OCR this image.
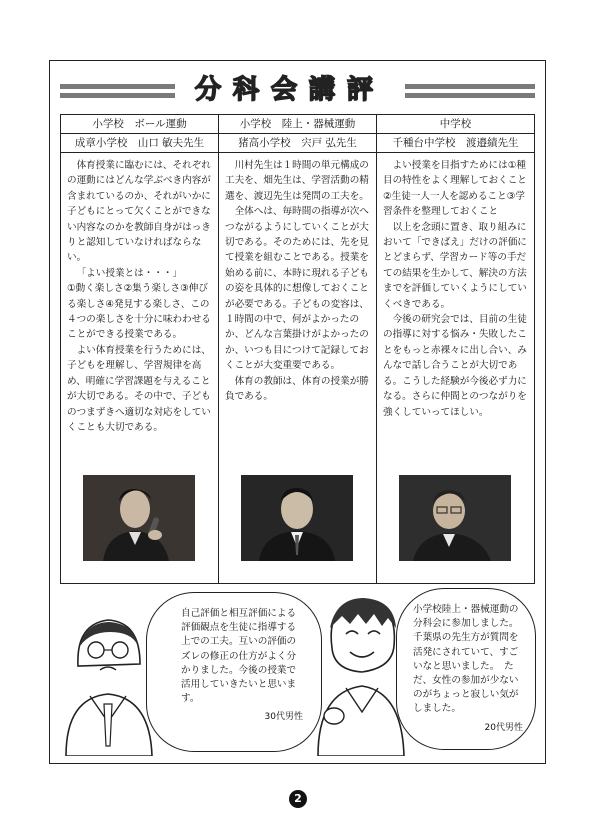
分科会講評
小学校　ボール運動
成章小学校　山口 敏夫先生

体育授業に臨むには、それぞれの運動にはどんな学ぶべき内容が含まれているのか、それがいかに子どもにとって欠くことができない内容なのかを教師自身がはっきりと認知していなければならない。

「よい授業とは・・・」

①動く楽しさ②集う楽しさ③伸びる楽しさ④発見する楽しさ、この４つの楽しさを十分に味わわせることができる授業である。

よい体育授業を行うためには、子どもを理解し、学習規律を高め、明確に学習課題を与えることが大切である。その中で、子どものつまずきへ適切な対応をしていくことも大切である。

小学校　陸上・器械運動
猪高小学校　宍戸 弘先生

川村先生は１時間の単元構成の工夫を、畑先生は、学習活動の精選を、渡辺先生は発問の工夫を。

全体へは、毎時間の指導が次へつながるようにしていくことが大切である。そのためには、先を見て授業を組むことである。授業を始める前に、本時に現れる子どもの姿を具体的に想像しておくことが必要である。子どもの変容は、１時間の中で、何がよかったのか、どんな言葉掛けがよかったのか、いつも目につけて記録しておくことが大変重要である。

体育の教師は、体育の授業が勝負である。

中学校
千種台中学校　渡邉績先生

よい授業を目指すためには①種目の特性をよく理解しておくこと②生徒一人一人を認めること③学習条件を整理しておくこと

以上を念頭に置き、取り組みにおいて「できばえ」だけの評価にとどまらず、学習カード等の手だての結果を生かして、解決の方法までを評価していくようにしていくべきである。

今後の研究会では、目前の生徒の指導に対する悩み・失敗したことをもっと赤裸々に出し合い、みんなで話し合うことが大切である。こうした経験が今後必ず力になる。さらに仲間とのつながりを強くしていってほしい。

自己評価と相互評価による評価観点を生徒に指導する上での工夫。互いの評価のズレの修正の仕方がよく分かりました。今後の授業で活用していきたいと思います。
30代男性
小学校陸上・器械運動の分科会に参加しました。千葉県の先生方が質問を活発にされていて、すごいなと思いました。　ただ、女性の参加が少ないのがちょっと寂しい気がしました。
20代男性
2
